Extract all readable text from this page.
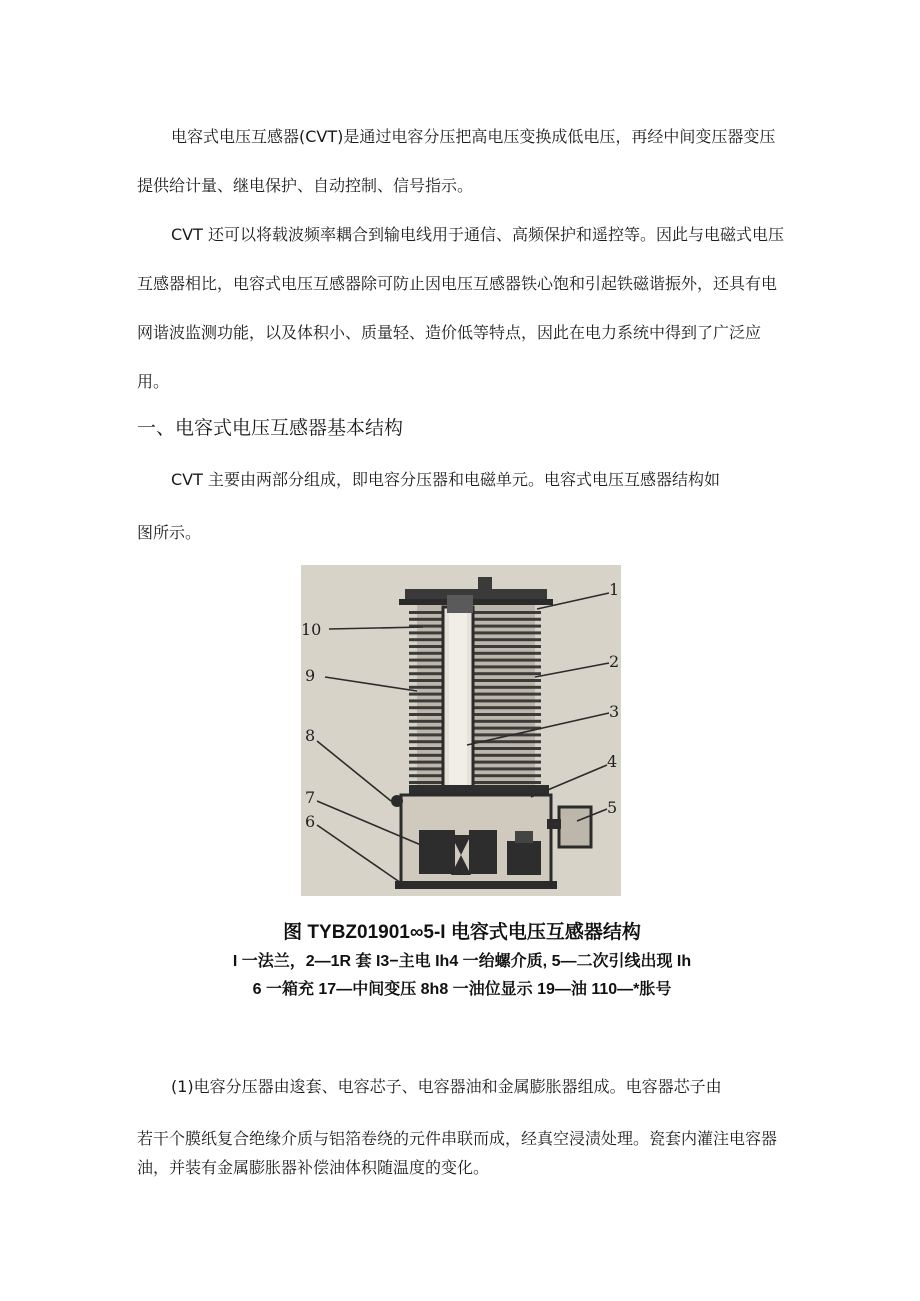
电容式电压互感器(CVT)是通过电容分压把高电压变换成低电压，再经中间变压器变压提供给计量、继电保护、自动控制、信号指示。

CVT 还可以将载波频率耦合到输电线用于通信、高频保护和遥控等。因此与电磁式电压互感器相比，电容式电压互感器除可防止因电压互感器铁心饱和引起铁磁谐振外，还具有电网谐波监测功能，以及体积小、质量轻、造价低等特点，因此在电力系统中得到了广泛应用。

一、电容式电压互感器基本结构

CVT 主要由两部分组成，即电容分压器和电磁单元。电容式电压互感器结构如

图所示。

1
2
3
4
5
6
7
8
9
10

图 TYBZ01901∞5-I 电容式电压互感器结构

I 一法兰，2—1R 套 I3−主电 Ih4 一绐螺介质, 5—二次引线出现 Ih

6 一箱充 17—中间变压 8h8 一油位显示 19—油 110—*胀号

(1)电容分压器由逡套、电容芯子、电容器油和金属膨胀器组成。电容器芯子由

若干个膜纸复合绝缘介质与铝箔卷绕的元件串联而成，经真空浸渍处理。瓷套内灌注电容器油，并装有金属膨胀器补偿油体积随温度的变化。
